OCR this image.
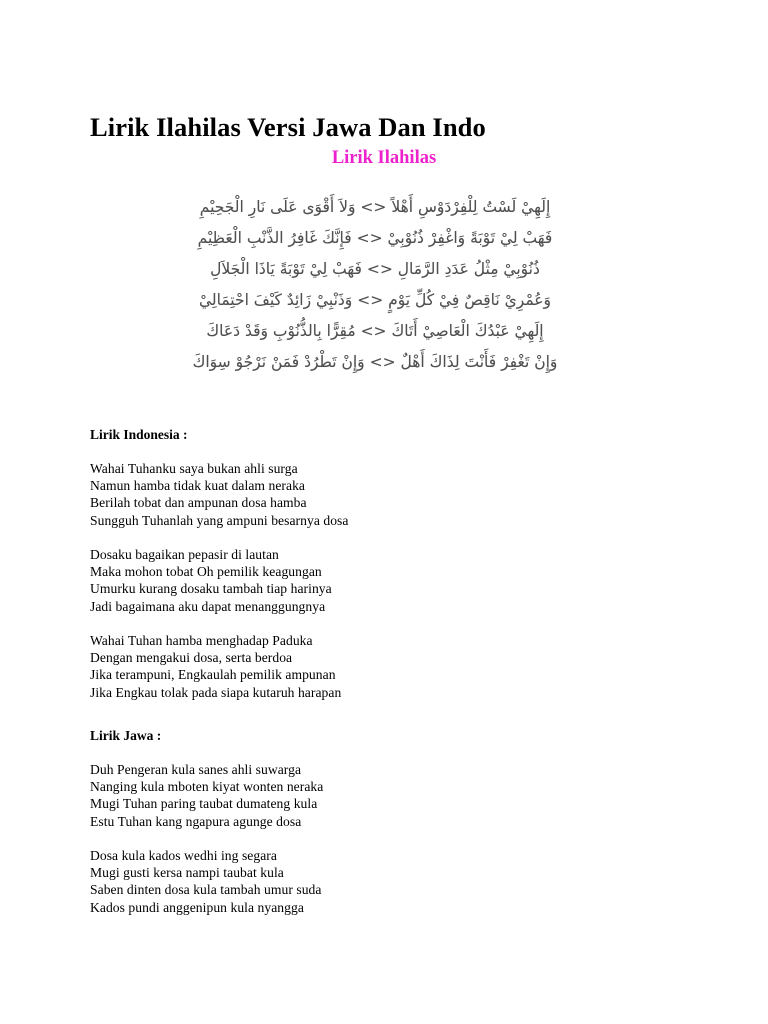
Lirik Ilahilas Versi Jawa Dan Indo
Lirik Ilahilas
إِلَهِيْ لَسْتُ لِلْفِرْدَوْسِ أَهْلاً <> وَلاَ أَقْوَى عَلَى نَارِ الْجَحِيْمِ
فَهَبْ لِيْ تَوْبَةً وَاغْفِرْ ذُنُوْبِيْ <> فَإِنَّكَ غَافِرُ الذَّنْبِ الْعَظِيْمِ
ذُنُوْبِيْ مِثْلُ عَدَدِ الرَّمَالِ <> فَهَبْ لِيْ تَوْبَةً يَاذَا الْجَلاَلِ
وَعُمْرِيْ نَاقِصٌ فِيْ كُلِّ يَوْمٍ <> وَذَنْبِيْ زَائِدٌ كَيْفَ احْتِمَالِيْ
إِلَهِيْ عَبْدُكَ الْعَاصِيْ أَتَاكَ <> مُقِرًّا بِالذُّنُوْبِ وَقَدْ دَعَاكَ
وَإِنْ تَغْفِرْ فَأَنْتَ لِذَاكَ أَهْلٌ <> وَإِنْ تَطْرُدْ فَمَنْ نَرْجُوْ سِوَاكَ
Lirik Indonesia :
Wahai Tuhanku saya bukan ahli surga
Namun hamba tidak kuat dalam neraka
Berilah tobat dan ampunan dosa hamba
Sungguh Tuhanlah yang ampuni besarnya dosa
Dosaku bagaikan pepasir di lautan
Maka mohon tobat Oh pemilik keagungan
Umurku kurang dosaku tambah tiap harinya
Jadi bagaimana aku dapat menanggungnya
Wahai Tuhan hamba menghadap Paduka
Dengan mengakui dosa, serta berdoa
Jika terampuni, Engkaulah pemilik ampunan
Jika Engkau tolak pada siapa kutaruh harapan
Lirik Jawa :
Duh Pengeran kula sanes ahli suwarga
Nanging kula mboten kiyat wonten neraka
Mugi Tuhan paring taubat dumateng kula
Estu Tuhan kang ngapura agunge dosa
Dosa kula kados wedhi ing segara
Mugi gusti kersa nampi taubat kula
Saben dinten dosa kula tambah umur suda
Kados pundi anggenipun kula nyangga
